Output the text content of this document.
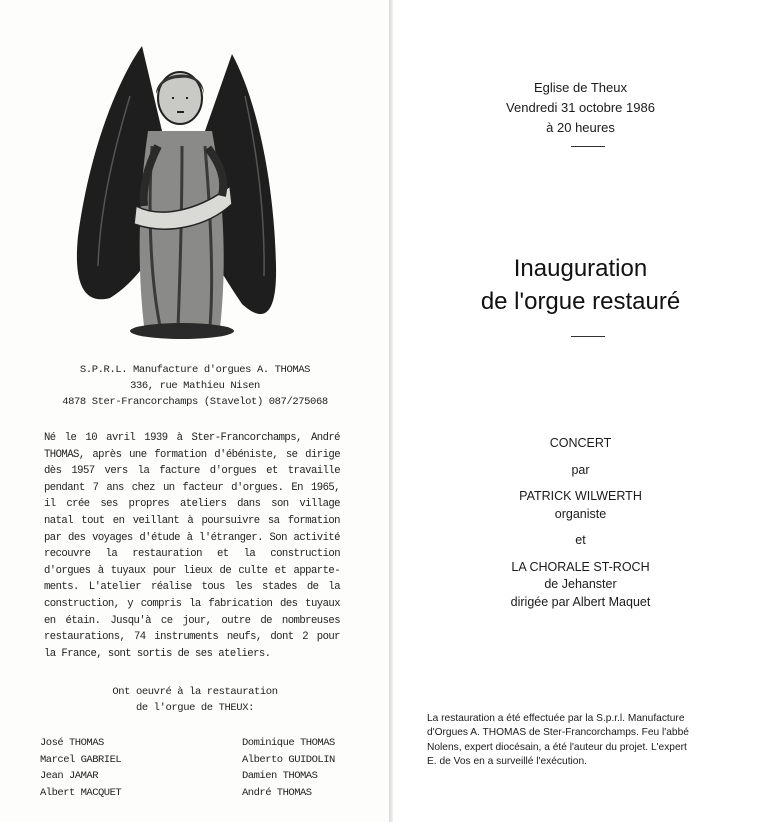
S.P.R.L. Manufacture d'orgues A. THOMAS
336, rue Mathieu Nisen
4878 Ster-Francorchamps (Stavelot) 087/275068
Né le 10 avril 1939 à Ster-Francorchamps, André
THOMAS, après une formation d'ébéniste, se dirige
dès 1957 vers la facture d'orgues et travaille
pendant 7 ans chez un facteur d'orgues. En 1965,
il crée ses propres ateliers dans son village
natal tout en veillant à poursuivre sa formation
par des voyages d'étude à l'étranger. Son activité
recouvre la restauration et la construction
d'orgues à tuyaux pour lieux de culte et apparte-
ments. L'atelier réalise tous les stades de la
construction, y compris la fabrication des tuyaux
en étain. Jusqu'à ce jour, outre de nombreuses
restaurations, 74 instruments neufs, dont 2 pour
la France, sont sortis de ses ateliers.
Ont oeuvré à la restauration
de l'orgue de THEUX:
José THOMAS
Marcel GABRIEL
Jean JAMAR
Albert MACQUET
Dominique THOMAS
Alberto GUIDOLIN
Damien THOMAS
André THOMAS
Eglise de Theux
Vendredi 31 octobre 1986
à 20 heures
Inauguration
de l'orgue restauré
CONCERT
par
PATRICK WILWERTH
organiste
et
LA CHORALE ST-ROCH
de Jehanster
dirigée par Albert Maquet
La restauration a été effectuée par la S.p.r.l. Manufacture
d'Orgues A. THOMAS de Ster-Francorchamps. Feu l'abbé
Nolens, expert diocésain, a été l'auteur du projet. L'expert
E. de Vos en a surveillé l'exécution.
